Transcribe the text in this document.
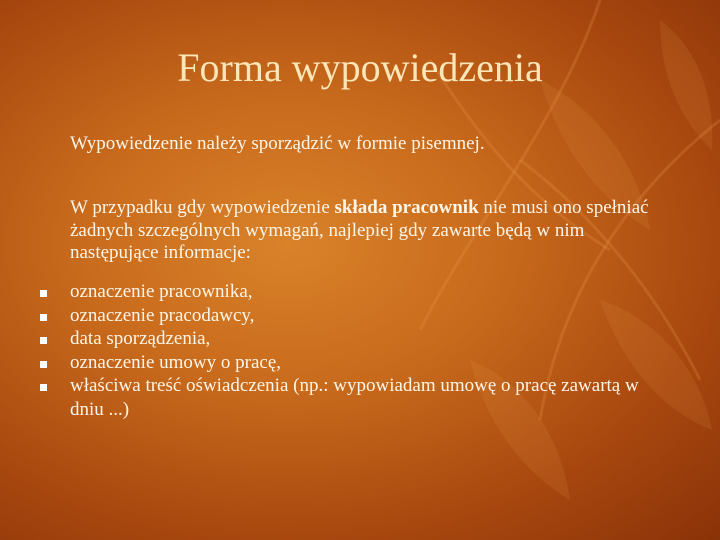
Forma wypowiedzenia
Wypowiedzenie należy sporządzić w formie pisemnej.
W przypadku gdy wypowiedzenie składa pracownik nie musi ono spełniać żadnych szczególnych wymagań, najlepiej gdy zawarte będą w nim następujące informacje:
oznaczenie pracownika,
oznaczenie pracodawcy,
data sporządzenia,
oznaczenie umowy o pracę,
właściwa treść oświadczenia (np.: wypowiadam umowę o pracę zawartą w dniu ...)
